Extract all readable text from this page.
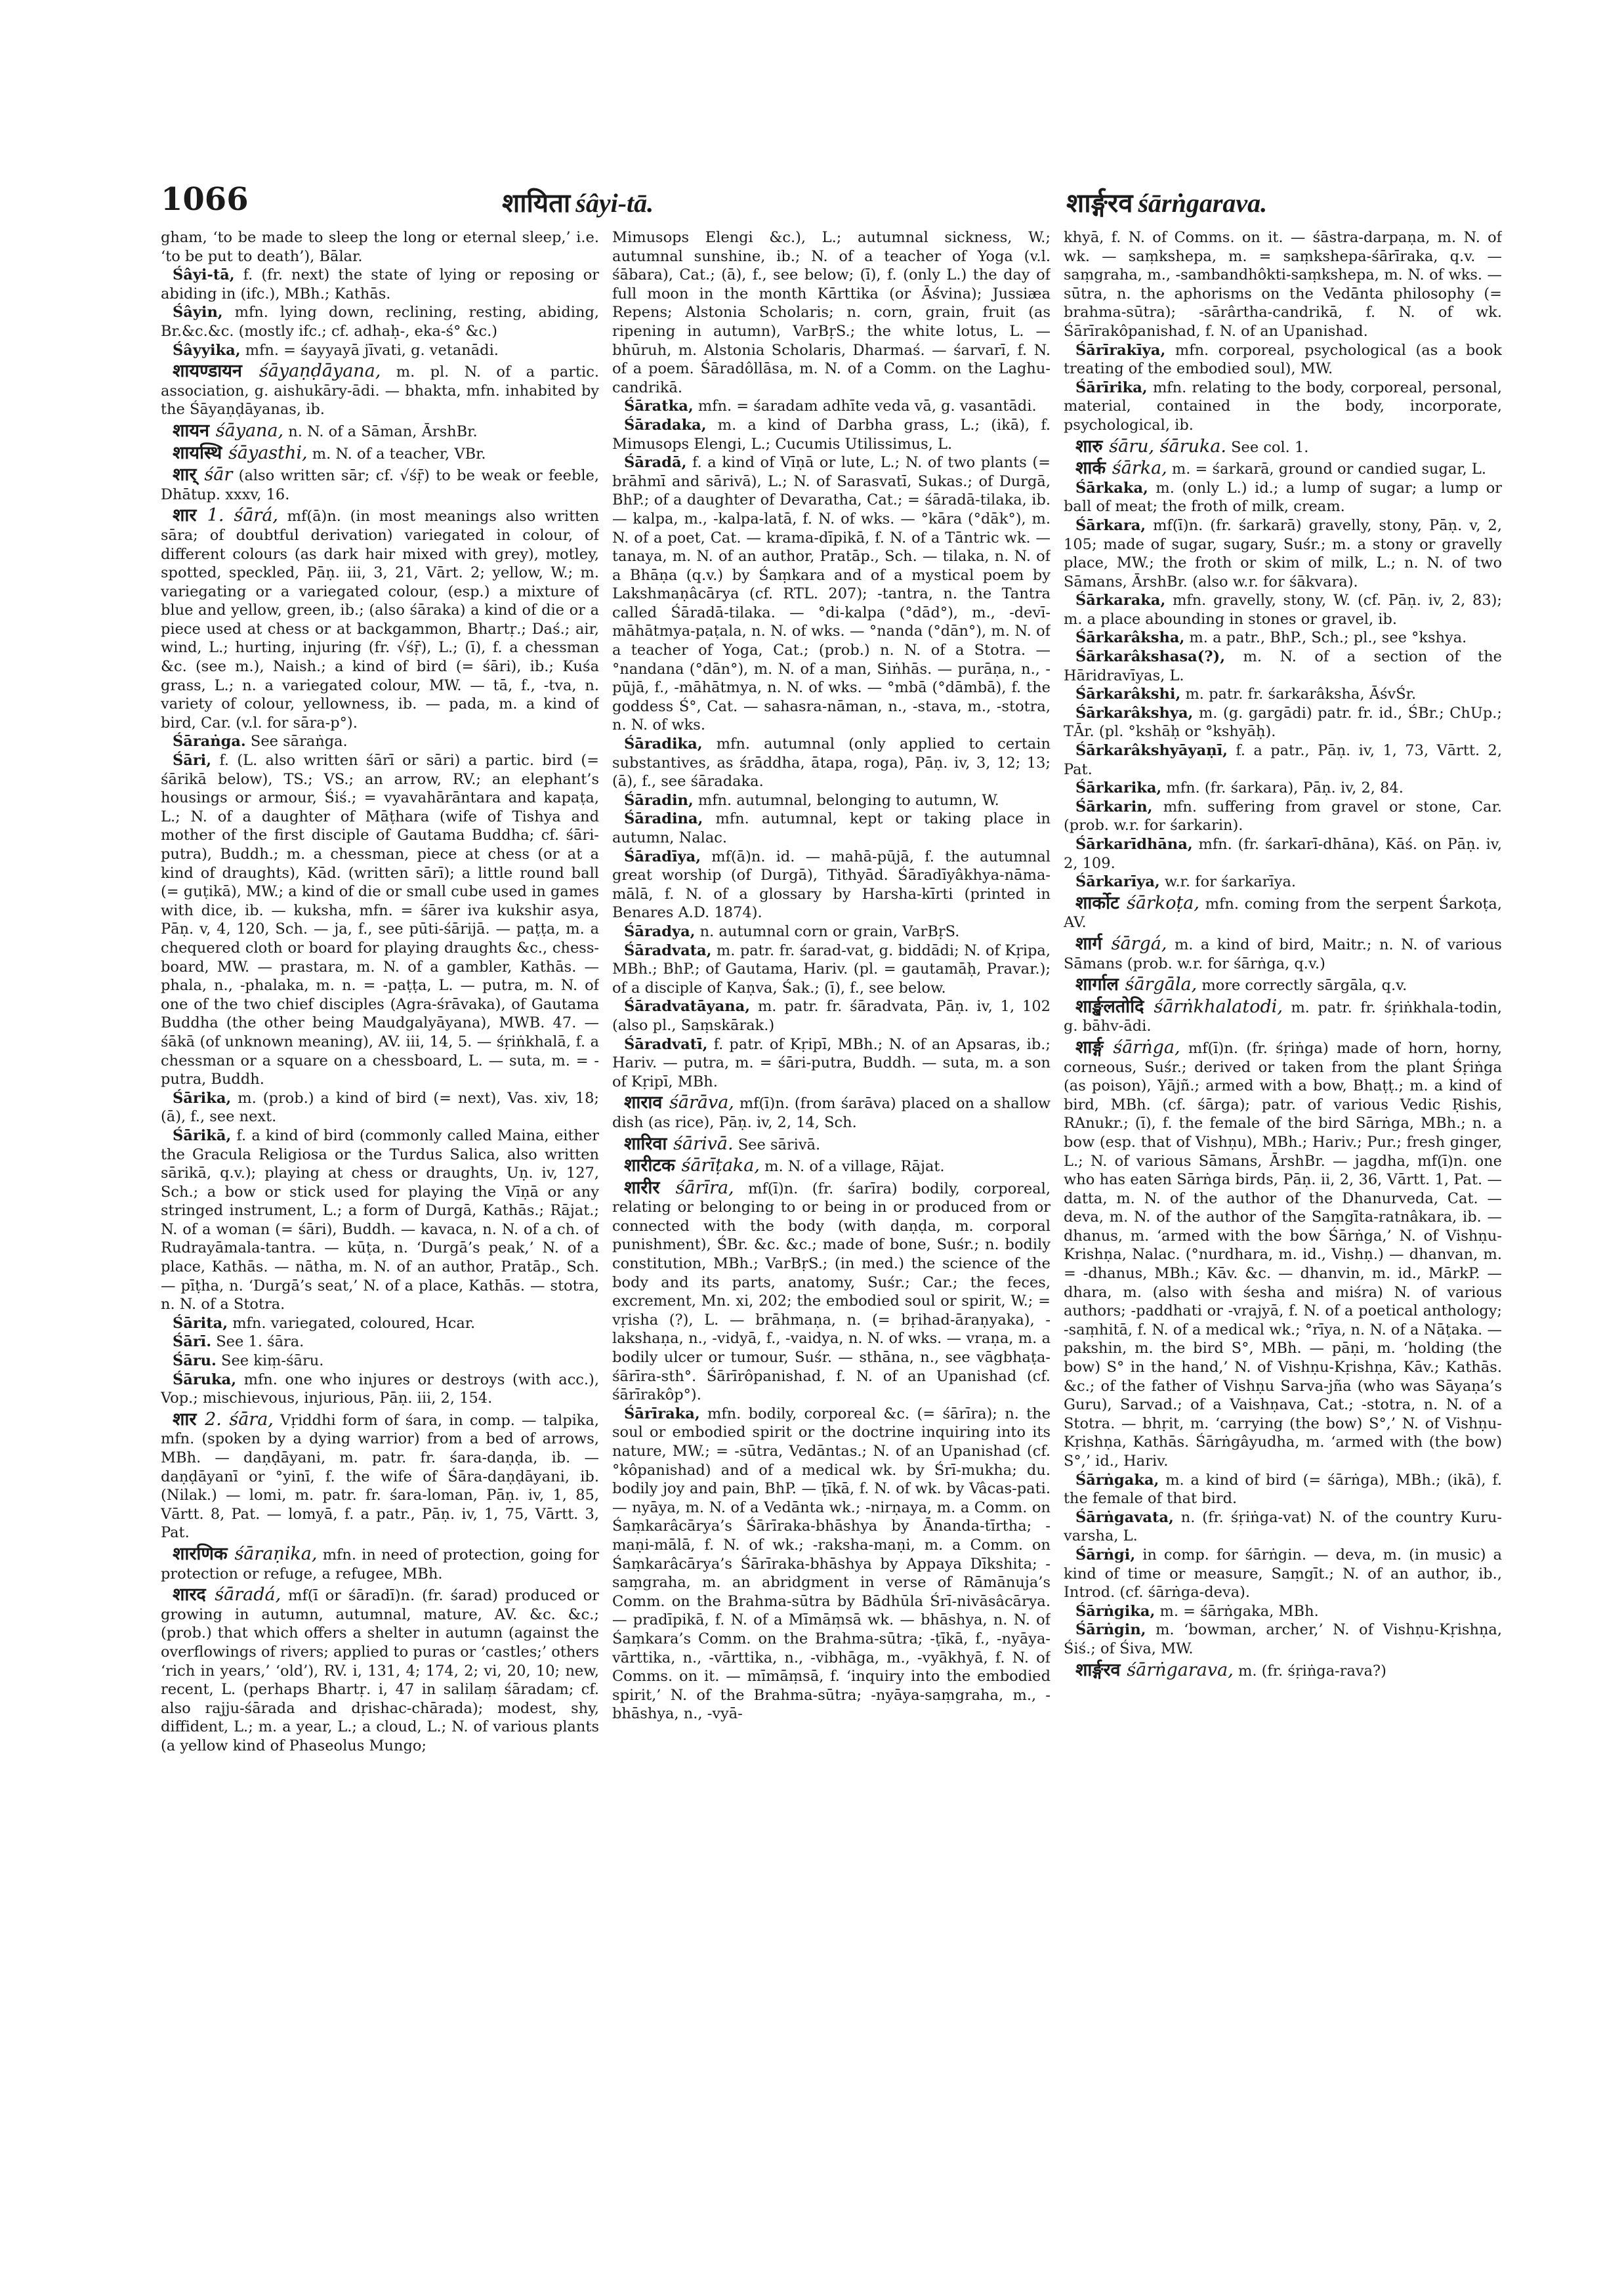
1066	शायिता śâyi-tā.	शार्ङ्गरव śārṅgarava.

gham, ‘to be made to sleep the long or eternal sleep,’ i.e. ‘to be put to death’), Bālar.

Śâyi-tā, f. (fr. next) the state of lying or reposing or abiding in (ifc.), MBh.; Kathās.

Śâyin, mfn. lying down, reclining, resting, abiding, Br.&c.&c. (mostly ifc.; cf. adhaḥ-, eka-ś° &c.)

Śâyyika, mfn. = śayyayā jīvati, g. vetanādi.

शायण्डायन śāyaṇḍāyana, m. pl. N. of a partic. association, g. aishukāry-ādi. — bhakta, mfn. inhabited by the Śāyaṇḍāyanas, ib.

शायन śāyana, n. N. of a Sāman, ĀrshBr.

शायस्थि śāyasthi, m. N. of a teacher, VBr.

शार् śār (also written sār; cf. √śṝ) to be weak or feeble, Dhātup. xxxv, 16.

शार 1. śārá, mf(ā)n. (in most meanings also written sāra; of doubtful derivation) variegated in colour, of different colours (as dark hair mixed with grey), motley, spotted, speckled, Pāṇ. iii, 3, 21, Vārt. 2; yellow, W.; m. variegating or a variegated colour, (esp.) a mixture of blue and yellow, green, ib.; (also śāraka) a kind of die or a piece used at chess or at backgammon, Bhartṛ.; Daś.; air, wind, L.; hurting, injuring (fr. √śṝ), L.; (ī), f. a chessman &c. (see m.), Naish.; a kind of bird (= śāri), ib.; Kuśa grass, L.; n. a variegated colour, MW. — tā, f., -tva, n. variety of colour, yellowness, ib. — pada, m. a kind of bird, Car. (v.l. for sāra-p°).

Śāraṅga. See sāraṅga.

Śāri, f. (L. also written śārī or sāri) a partic. bird (= śārikā below), TS.; VS.; an arrow, RV.; an elephant’s housings or armour, Śiś.; = vyavahārāntara and kapaṭa, L.; N. of a daughter of Māṭhara (wife of Tishya and mother of the first disciple of Gautama Buddha; cf. śāri-putra), Buddh.; m. a chessman, piece at chess (or at a kind of draughts), Kād. (written sārī); a little round ball (= guṭikā), MW.; a kind of die or small cube used in games with dice, ib. — kuksha, mfn. = śārer iva kukshir asya, Pāṇ. v, 4, 120, Sch. — ja, f., see pūti-śārijā. — paṭṭa, m. a chequered cloth or board for playing draughts &c., chess-board, MW. — prastara, m. N. of a gambler, Kathās. — phala, n., -phalaka, m. n. = -paṭṭa, L. — putra, m. N. of one of the two chief disciples (Agra-śrāvaka), of Gautama Buddha (the other being Maudgalyāyana), MWB. 47. — śākā (of unknown meaning), AV. iii, 14, 5. — śṛiṅkhalā, f. a chessman or a square on a chessboard, L. — suta, m. = -putra, Buddh.

Śārika, m. (prob.) a kind of bird (= next), Vas. xiv, 18; (ā), f., see next.

Śārikā, f. a kind of bird (commonly called Maina, either the Gracula Religiosa or the Turdus Salica, also written sārikā, q.v.); playing at chess or draughts, Uṇ. iv, 127, Sch.; a bow or stick used for playing the Vīṇā or any stringed instrument, L.; a form of Durgā, Kathās.; Rājat.; N. of a woman (= śāri), Buddh. — kavaca, n. N. of a ch. of Rudrayāmala-tantra. — kūṭa, n. ‘Durgā’s peak,’ N. of a place, Kathās. — nātha, m. N. of an author, Pratāp., Sch. — pīṭha, n. ‘Durgā’s seat,’ N. of a place, Kathās. — stotra, n. N. of a Stotra.

Śārita, mfn. variegated, coloured, Hcar.

Śārī. See 1. śāra.

Śāru. See kiṃ-śāru.

Śāruka, mfn. one who injures or destroys (with acc.), Vop.; mischievous, injurious, Pāṇ. iii, 2, 154.

शार 2. śāra, Vṛiddhi form of śara, in comp. — talpika, mfn. (spoken by a dying warrior) from a bed of arrows, MBh. — daṇḍāyani, m. patr. fr. śara-daṇḍa, ib. — daṇḍāyanī or °yinī, f. the wife of Śāra-daṇḍāyani, ib. (Nilak.) — lomi, m. patr. fr. śara-loman, Pāṇ. iv, 1, 85, Vārtt. 8, Pat. — lomyā, f. a patr., Pāṇ. iv, 1, 75, Vārtt. 3, Pat.

शारणिक śāraṇika, mfn. in need of protection, going for protection or refuge, a refugee, MBh.

शारद śāradá, mf(ī or śāradī)n. (fr. śarad) produced or growing in autumn, autumnal, mature, AV. &c. &c.; (prob.) that which offers a shelter in autumn (against the overflowings of rivers; applied to puras or ‘castles;’ others ‘rich in years,’ ‘old’), RV. i, 131, 4; 174, 2; vi, 20, 10; new, recent, L. (perhaps Bhartṛ. i, 47 in salilaṃ śāradam; cf. also rajju-śārada and dṛishac-chārada); modest, shy, diffident, L.; m. a year, L.; a cloud, L.; N. of various plants (a yellow kind of Phaseolus Mungo;

Mimusops Elengi &c.), L.; autumnal sickness, W.; autumnal sunshine, ib.; N. of a teacher of Yoga (v.l. śābara), Cat.; (ā), f., see below; (ī), f. (only L.) the day of full moon in the month Kārttika (or Āśvina); Jussiæa Repens; Alstonia Scholaris; n. corn, grain, fruit (as ripening in autumn), VarBṛS.; the white lotus, L. — bhūruh, m. Alstonia Scholaris, Dharmaś. — śarvarī, f. N. of a poem. Śāradôllāsa, m. N. of a Comm. on the Laghu-candrikā.

Śāratka, mfn. = śaradam adhīte veda vā, g. vasantādi.

Śāradaka, m. a kind of Darbha grass, L.; (ikā), f. Mimusops Elengi, L.; Cucumis Utilissimus, L.

Śāradā, f. a kind of Vīṇā or lute, L.; N. of two plants (= brāhmī and sārivā), L.; N. of Sarasvatī, Sukas.; of Durgā, BhP.; of a daughter of Devaratha, Cat.; = śāradā-tilaka, ib. — kalpa, m., -kalpa-latā, f. N. of wks. — °kāra (°dāk°), m. N. of a poet, Cat. — krama-dīpikā, f. N. of a Tāntric wk. — tanaya, m. N. of an author, Pratāp., Sch. — tilaka, n. N. of a Bhāṇa (q.v.) by Śaṃkara and of a mystical poem by Lakshmaṇâcārya (cf. RTL. 207); -tantra, n. the Tantra called Śāradā-tilaka. — °di-kalpa (°dād°), m., -devī-māhātmya-paṭala, n. N. of wks. — °nanda (°dān°), m. N. of a teacher of Yoga, Cat.; (prob.) n. N. of a Stotra. — °nandana (°dān°), m. N. of a man, Siṅhās. — purāṇa, n., -pūjā, f., -māhātmya, n. N. of wks. — °mbā (°dāmbā), f. the goddess Ś°, Cat. — sahasra-nāman, n., -stava, m., -stotra, n. N. of wks.

Śāradika, mfn. autumnal (only applied to certain substantives, as śrāddha, ātapa, roga), Pāṇ. iv, 3, 12; 13; (ā), f., see śāradaka.

Śāradin, mfn. autumnal, belonging to autumn, W.

Śāradina, mfn. autumnal, kept or taking place in autumn, Nalac.

Śāradīya, mf(ā)n. id. — mahā-pūjā, f. the autumnal great worship (of Durgā), Tithyād. Śāradīyâkhya-nāma-mālā, f. N. of a glossary by Harsha-kīrti (printed in Benares A.D. 1874).

Śāradya, n. autumnal corn or grain, VarBṛS.

Śāradvata, m. patr. fr. śarad-vat, g. biddādi; N. of Kṛipa, MBh.; BhP.; of Gautama, Hariv. (pl. = gautamāḥ, Pravar.); of a disciple of Kaṇva, Śak.; (ī), f., see below.

Śāradvatāyana, m. patr. fr. śāradvata, Pāṇ. iv, 1, 102 (also pl., Saṃskārak.)

Śāradvatī, f. patr. of Kṛipī, MBh.; N. of an Apsaras, ib.; Hariv. — putra, m. = śāri-putra, Buddh. — suta, m. a son of Kṛipī, MBh.

शाराव śārāva, mf(ī)n. (from śarāva) placed on a shallow dish (as rice), Pāṇ. iv, 2, 14, Sch.

शारिवा śārivā. See sārivā.

शारीटक śārīṭaka, m. N. of a village, Rājat.

शारीर śārīra, mf(ī)n. (fr. śarīra) bodily, corporeal, relating or belonging to or being in or produced from or connected with the body (with daṇḍa, m. corporal punishment), ŚBr. &c. &c.; made of bone, Suśr.; n. bodily constitution, MBh.; VarBṛS.; (in med.) the science of the body and its parts, anatomy, Suśr.; Car.; the feces, excrement, Mn. xi, 202; the embodied soul or spirit, W.; = vṛisha (?), L. — brāhmaṇa, n. (= bṛihad-āraṇyaka), -lakshaṇa, n., -vidyā, f., -vaidya, n. N. of wks. — vraṇa, m. a bodily ulcer or tumour, Suśr. — sthāna, n., see vāgbhaṭa-śārīra-sth°. Śārīrôpanishad, f. N. of an Upanishad (cf. śārīrakôp°).

Śārīraka, mfn. bodily, corporeal &c. (= śārīra); n. the soul or embodied spirit or the doctrine inquiring into its nature, MW.; = -sūtra, Vedāntas.; N. of an Upanishad (cf. °kôpanishad) and of a medical wk. by Śrī-mukha; du. bodily joy and pain, BhP. — ṭīkā, f. N. of wk. by Vâcas-pati. — nyāya, m. N. of a Vedānta wk.; -nirṇaya, m. a Comm. on Śaṃkarâcārya’s Śārīraka-bhāshya by Ānanda-tīrtha; -maṇi-mālā, f. N. of wk.; -raksha-maṇi, m. a Comm. on Śaṃkarâcārya’s Śārīraka-bhāshya by Appaya Dīkshita; -saṃgraha, m. an abridgment in verse of Rāmānuja’s Comm. on the Brahma-sūtra by Bādhūla Śrī-nivāsâcārya. — pradīpikā, f. N. of a Mīmāṃsā wk. — bhāshya, n. N. of Śaṃkara’s Comm. on the Brahma-sūtra; -ṭīkā, f., -nyāya-vārttika, n., -vārttika, n., -vibhāga, m., -vyākhyā, f. N. of Comms. on it. — mīmāṃsā, f. ‘inquiry into the embodied spirit,’ N. of the Brahma-sūtra; -nyāya-saṃgraha, m., -bhāshya, n., -vyā-

khyā, f. N. of Comms. on it. — śāstra-darpaṇa, m. N. of wk. — saṃkshepa, m. = saṃkshepa-śārīraka, q.v. — saṃgraha, m., -sambandhôkti-saṃkshepa, m. N. of wks. — sūtra, n. the aphorisms on the Vedānta philosophy (= brahma-sūtra); -sārârtha-candrikā, f. N. of wk. Śārīrakôpanishad, f. N. of an Upanishad.

Śārīrakīya, mfn. corporeal, psychological (as a book treating of the embodied soul), MW.

Śārīrika, mfn. relating to the body, corporeal, personal, material, contained in the body, incorporate, psychological, ib.

शारु śāru, śāruka. See col. 1.

शार्क śārka, m. = śarkarā, ground or candied sugar, L.

Śārkaka, m. (only L.) id.; a lump of sugar; a lump or ball of meat; the froth of milk, cream.

Śārkara, mf(ī)n. (fr. śarkarā) gravelly, stony, Pāṇ. v, 2, 105; made of sugar, sugary, Suśr.; m. a stony or gravelly place, MW.; the froth or skim of milk, L.; n. N. of two Sāmans, ĀrshBr. (also w.r. for śākvara).

Śārkaraka, mfn. gravelly, stony, W. (cf. Pāṇ. iv, 2, 83); m. a place abounding in stones or gravel, ib.

Śārkarâksha, m. a patr., BhP., Sch.; pl., see °kshya.

Śārkarâkshasa(?), m. N. of a section of the Hāridravīyas, L.

Śārkarâkshi, m. patr. fr. śarkarâksha, ĀśvŚr.

Śārkarâkshya, m. (g. gargādi) patr. fr. id., ŚBr.; ChUp.; TĀr. (pl. °kshāḥ or °kshyāḥ).

Śārkarâkshyāyaṇī, f. a patr., Pāṇ. iv, 1, 73, Vārtt. 2, Pat.

Śārkarika, mfn. (fr. śarkara), Pāṇ. iv, 2, 84.

Śārkarin, mfn. suffering from gravel or stone, Car. (prob. w.r. for śarkarin).

Śārkarīdhāna, mfn. (fr. śarkarī-dhāna), Kāś. on Pāṇ. iv, 2, 109.

Śārkarīya, w.r. for śarkarīya.

शार्कोट śārkoṭa, mfn. coming from the serpent Śarkoṭa, AV.

शार्ग śārgá, m. a kind of bird, Maitr.; n. N. of various Sāmans (prob. w.r. for śārṅga, q.v.)

शार्गाल śārgāla, more correctly sārgāla, q.v.

शार्ङ्खलतोदि śārṅkhalatodi, m. patr. fr. śṛiṅkhala-todin, g. bāhv-ādi.

शार्ङ्ग śārṅga, mf(ī)n. (fr. śṛiṅga) made of horn, horny, corneous, Suśr.; derived or taken from the plant Śṛiṅga (as poison), Yājñ.; armed with a bow, Bhaṭṭ.; m. a kind of bird, MBh. (cf. śārga); patr. of various Vedic Ṛishis, RAnukr.; (ī), f. the female of the bird Sārṅga, MBh.; n. a bow (esp. that of Vishṇu), MBh.; Hariv.; Pur.; fresh ginger, L.; N. of various Sāmans, ĀrshBr. — jagdha, mf(ī)n. one who has eaten Sārṅga birds, Pāṇ. ii, 2, 36, Vārtt. 1, Pat. — datta, m. N. of the author of the Dhanurveda, Cat. — deva, m. N. of the author of the Saṃgīta-ratnâkara, ib. — dhanus, m. ‘armed with the bow Śārṅga,’ N. of Vishṇu-Krishṇa, Nalac. (°nurdhara, m. id., Vishṇ.) — dhanvan, m. = -dhanus, MBh.; Kāv. &c. — dhanvin, m. id., MārkP. — dhara, m. (also with śesha and miśra) N. of various authors; -paddhati or -vrajyā, f. N. of a poetical anthology; -saṃhitā, f. N. of a medical wk.; °rīya, n. N. of a Nāṭaka. — pakshin, m. the bird S°, MBh. — pāṇi, m. ‘holding (the bow) S° in the hand,’ N. of Vishṇu-Kṛishṇa, Kāv.; Kathās. &c.; of the father of Vishṇu Sarva-jña (who was Sāyaṇa’s Guru), Sarvad.; of a Vaishṇava, Cat.; -stotra, n. N. of a Stotra. — bhṛit, m. ‘carrying (the bow) S°,’ N. of Vishṇu-Kṛishṇa, Kathās. Śārṅgâyudha, m. ‘armed with (the bow) S°,’ id., Hariv.

Śārṅgaka, m. a kind of bird (= śārṅga), MBh.; (ikā), f. the female of that bird.

Śārṅgavata, n. (fr. śṛiṅga-vat) N. of the country Kuru-varsha, L.

Śārṅgi, in comp. for śārṅgin. — deva, m. (in music) a kind of time or measure, Saṃgīt.; N. of an author, ib., Introd. (cf. śārṅga-deva).

Śārṅgika, m. = śārṅgaka, MBh.

Śārṅgin, m. ‘bowman, archer,’ N. of Vishṇu-Kṛishṇa, Śiś.; of Śiva, MW.

शार्ङ्गरव śārṅgarava, m. (fr. śṛiṅga-rava?)
